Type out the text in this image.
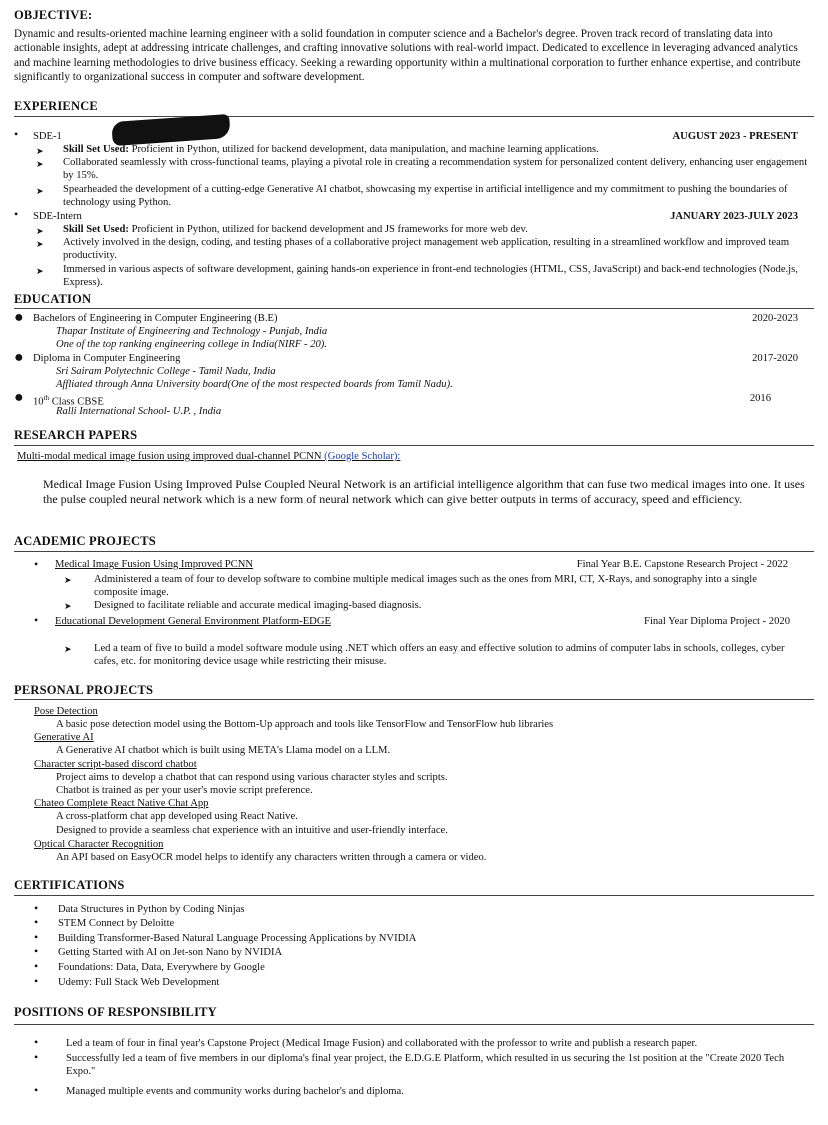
OBJECTIVE:
Dynamic and results-oriented machine learning engineer with a solid foundation in computer science and a Bachelor's degree. Proven track record of translating data into actionable insights, adept at addressing intricate challenges, and crafting innovative solutions with real-world impact. Dedicated to excellence in leveraging advanced analytics and machine learning methodologies to drive business efficacy. Seeking a rewarding opportunity within a multinational corporation to further enhance expertise, and contribute significantly to organizational success in computer and software development.
EXPERIENCE
• SDE-1	AUGUST 2023 - PRESENT
➤ Skill Set Used: Proficient in Python, utilized for backend development, data manipulation, and machine learning applications.
➤ Collaborated seamlessly with cross-functional teams, playing a pivotal role in creating a recommendation system for personalized content delivery, enhancing user engagement by 15%.
➤ Spearheaded the development of a cutting-edge Generative AI chatbot, showcasing my expertise in artificial intelligence and my commitment to pushing the boundaries of technology using Python.
• SDE-Intern	JANUARY 2023-JULY 2023
➤ Skill Set Used: Proficient in Python, utilized for backend development and JS frameworks for more web dev.
➤ Actively involved in the design, coding, and testing phases of a collaborative project management web application, resulting in a streamlined workflow and improved team productivity.
➤ Immersed in various aspects of software development, gaining hands-on experience in front-end technologies (HTML, CSS, JavaScript) and back-end technologies (Node.js, Express).
EDUCATION
● Bachelors of Engineering in Computer Engineering (B.E)	2020-2023
Thapar Institute of Engineering and Technology - Punjab, India
One of the top ranking engineering college in India(NIRF - 20).
● Diploma in Computer Engineering	2017-2020
Sri Sairam Polytechnic College - Tamil Nadu, India
Affliated through Anna University board(One of the most respected boards from Tamil Nadu).
● 10th Class CBSE	2016
Ralli International School- U.P. , India
RESEARCH PAPERS
Multi-modal medical image fusion using improved dual-channel PCNN (Google Scholar):
Medical Image Fusion Using Improved Pulse Coupled Neural Network is an artificial intelligence algorithm that can fuse two medical images into one. It uses the pulse coupled neural network which is a new form of neural network which can give better outputs in terms of accuracy, speed and efficiency.
ACADEMIC PROJECTS
• Medical Image Fusion Using Improved PCNN	Final Year B.E. Capstone Research Project - 2022
➤ Administered a team of four to develop software to combine multiple medical images such as the ones from MRI, CT, X-Rays, and sonography into a single composite image.
➤ Designed to facilitate reliable and accurate medical imaging-based diagnosis.
• Educational Development General Environment Platform-EDGE	Final Year Diploma Project - 2020
➤ Led a team of five to build a model software module using .NET which offers an easy and effective solution to admins of computer labs in schools, colleges, cyber cafes, etc. for monitoring device usage while restricting their misuse.
PERSONAL PROJECTS
Pose Detection
A basic pose detection model using the Bottom-Up approach and tools like TensorFlow and TensorFlow hub libraries
Generative AI
A Generative AI chatbot which is built using META's Llama model on a LLM.
Character script-based discord chatbot
Project aims to develop a chatbot that can respond using various character styles and scripts.
Chatbot is trained as per your user's movie script preference.
Chateo Complete React Native Chat App
A cross-platform chat app developed using React Native.
Designed to provide a seamless chat experience with an intuitive and user-friendly interface.
Optical Character Recognition
An API based on EasyOCR model helps to identify any characters written through a camera or video.
CERTIFICATIONS
• Data Structures in Python by Coding Ninjas
• STEM Connect by Deloitte
• Building Transformer-Based Natural Language Processing Applications by NVIDIA
• Getting Started with AI on Jet-son Nano by NVIDIA
• Foundations: Data, Data, Everywhere by Google
• Udemy: Full Stack Web Development
POSITIONS OF RESPONSIBILITY
•	Led a team of four in final year's Capstone Project (Medical Image Fusion) and collaborated with the professor to write and publish a research paper.
•	Successfully led a team of five members in our diploma's final year project, the E.D.G.E Platform, which resulted in us securing the 1st position at the "Create 2020 Tech Expo."
•	Managed multiple events and community works during bachelor's and diploma.
